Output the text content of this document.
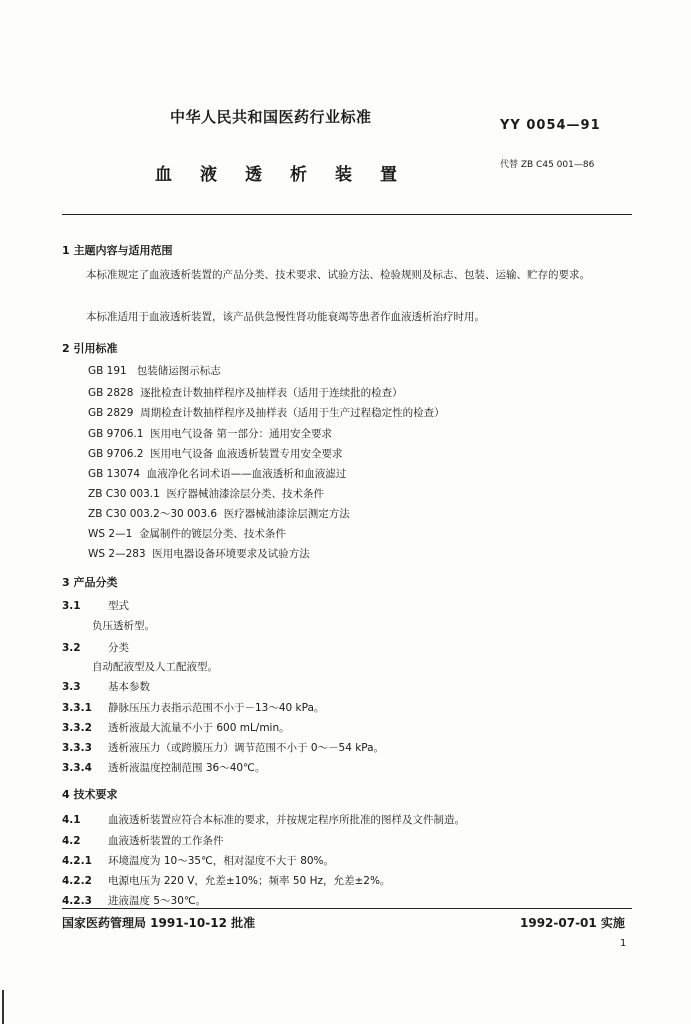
中华人民共和国医药行业标准	YY 0054—91
血液透析装置	代替 ZB C45 001—86
1 主题内容与适用范围
本标准规定了血液透析装置的产品分类、技术要求、试验方法、检验规则及标志、包装、运输、贮存的要求。
本标准适用于血液透析装置，该产品供急慢性肾功能衰竭等患者作血液透析治疗时用。
2 引用标准
GB 191 包装储运图示标志
GB 2828 逐批检查计数抽样程序及抽样表（适用于连续批的检查）
GB 2829 周期检查计数抽样程序及抽样表（适用于生产过程稳定性的检查）
GB 9706.1 医用电气设备 第一部分：通用安全要求
GB 9706.2 医用电气设备 血液透析装置专用安全要求
GB 13074 血液净化名词术语——血液透析和血液滤过
ZB C30 003.1 医疗器械油漆涂层分类、技术条件
ZB C30 003.2～30 003.6 医疗器械油漆涂层测定方法
WS 2—1 金属制件的镀层分类、技术条件
WS 2—283 医用电器设备环境要求及试验方法
3 产品分类
3.1	型式
负压透析型。
3.2	分类
自动配液型及人工配液型。
3.3	基本参数
3.3.1 静脉压压力表指示范围不小于－13～40 kPa。
3.3.2 透析液最大流量不小于 600 mL/min。
3.3.3 透析液压力（或跨膜压力）调节范围不小于 0～－54 kPa。
3.3.4 透析液温度控制范围 36～40℃。
4 技术要求
4.1	血液透析装置应符合本标准的要求，并按规定程序所批准的图样及文件制造。
4.2	血液透析装置的工作条件
4.2.1 环境温度为 10～35℃，相对湿度不大于 80%。
4.2.2 电源电压为 220 V，允差±10%；频率 50 Hz，允差±2%。
4.2.3 进液温度 5～30℃。
国家医药管理局 1991-10-12 批准	1992-07-01 实施
1
